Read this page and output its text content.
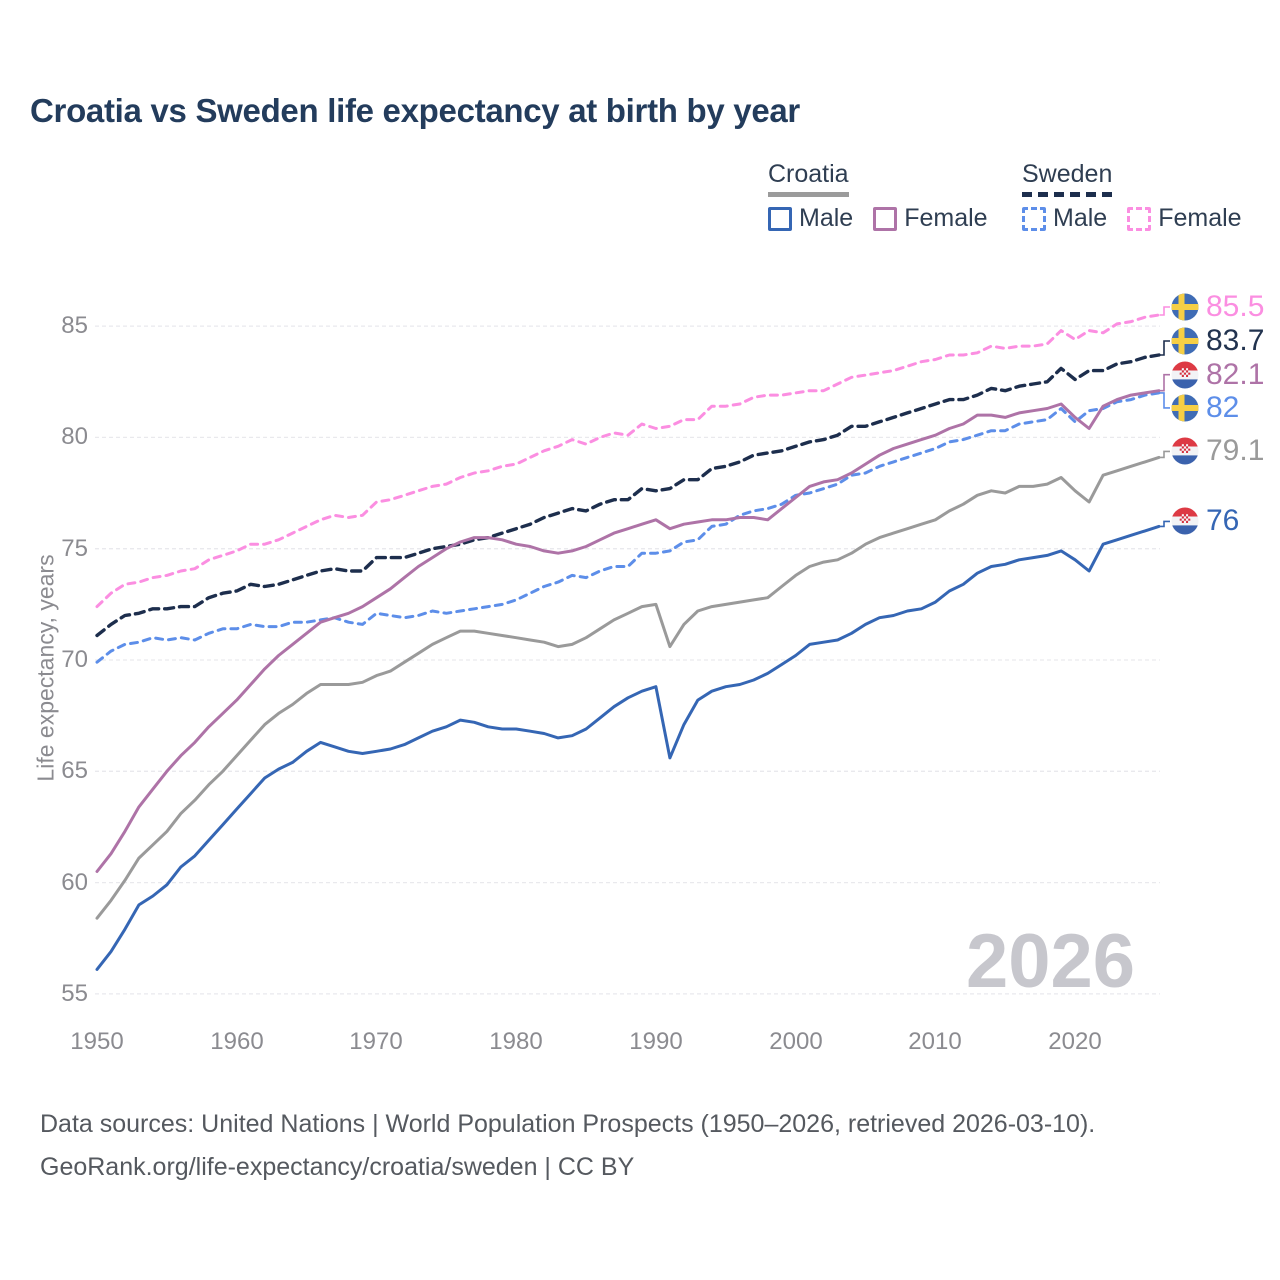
Croatia vs Sweden life expectancy at birth by year
Croatia
Male Female
Sweden
Male Female
Life expectancy, years
55
60
65
70
75
80
85
1950	1960	1970	1980	1990	2000	2010	2020
2026
85.5
83.7
82.1
82
79.1
76
Data sources: United Nations | World Population Prospects (1950–2026, retrieved 2026-03-10).
GeoRank.org/life-expectancy/croatia/sweden | CC BY
